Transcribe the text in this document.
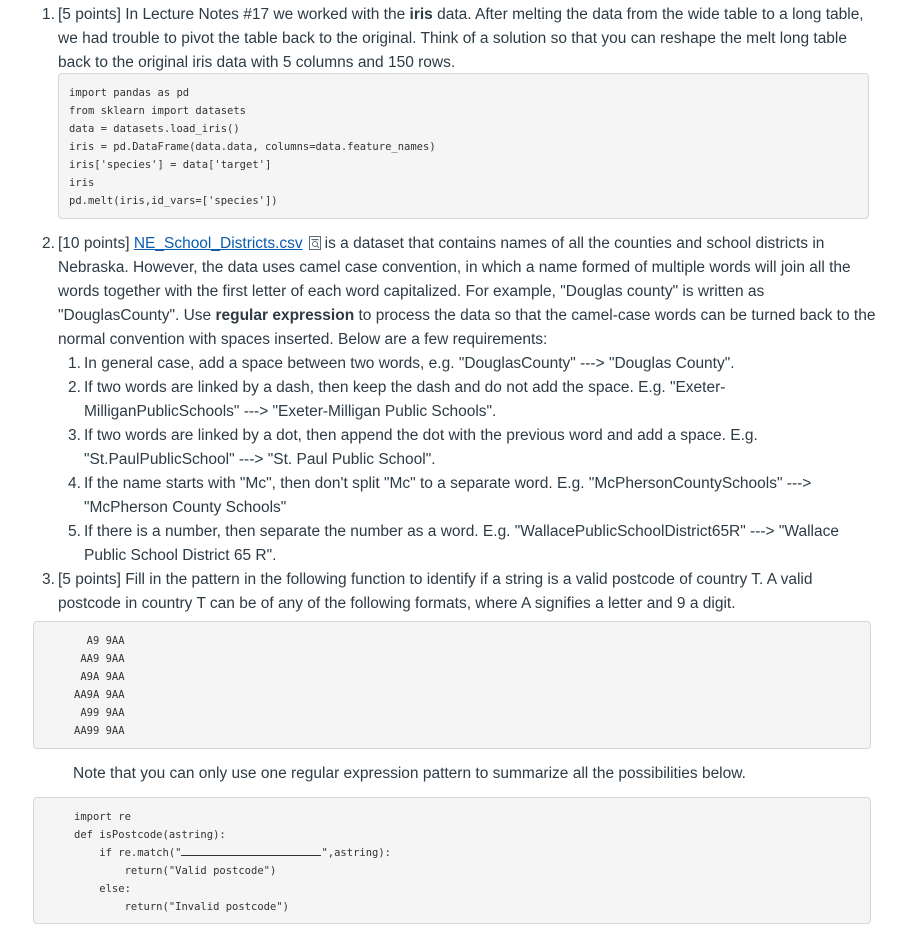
1. [5 points] In Lecture Notes #17 we worked with the iris data. After melting the data from the wide table to a long table, we had trouble to pivot the table back to the original. Think of a solution so that you can reshape the melt long table back to the original iris data with 5 columns and 150 rows.
import pandas as pd
from sklearn import datasets
data = datasets.load_iris()
iris = pd.DataFrame(data.data, columns=data.feature_names)
iris['species'] = data['target']
iris
pd.melt(iris,id_vars=['species'])
2. [10 points] NE_School_Districts.csv is a dataset that contains names of all the counties and school districts in Nebraska. However, the data uses camel case convention, in which a name formed of multiple words will join all the words together with the first letter of each word capitalized. For example, "Douglas county" is written as "DouglasCounty". Use regular expression to process the data so that the camel-case words can be turned back to the normal convention with spaces inserted. Below are a few requirements:
1. In general case, add a space between two words, e.g. "DouglasCounty" ---> "Douglas County".
2. If two words are linked by a dash, then keep the dash and do not add the space. E.g. "Exeter-MilliganPublicSchools" ---> "Exeter-Milligan Public Schools".
3. If two words are linked by a dot, then append the dot with the previous word and add a space. E.g. "St.PaulPublicSchool" ---> "St. Paul Public School".
4. If the name starts with "Mc", then don't split "Mc" to a separate word. E.g. "McPhersonCountySchools" ---> "McPherson County Schools"
5. If there is a number, then separate the number as a word. E.g. "WallacePublicSchoolDistrict65R" ---> "Wallace Public School District 65 R".
3. [5 points] Fill in the pattern in the following function to identify if a string is a valid postcode of country T. A valid postcode in country T can be of any of the following formats, where A signifies a letter and 9 a digit.
A9 9AA
AA9 9AA
A9A 9AA
AA9A 9AA
A99 9AA
AA99 9AA
Note that you can only use one regular expression pattern to summarize all the possibilities below.
import re
def isPostcode(astring):
if re.match("	",astring):
return("Valid postcode")
else:
return("Invalid postcode")
